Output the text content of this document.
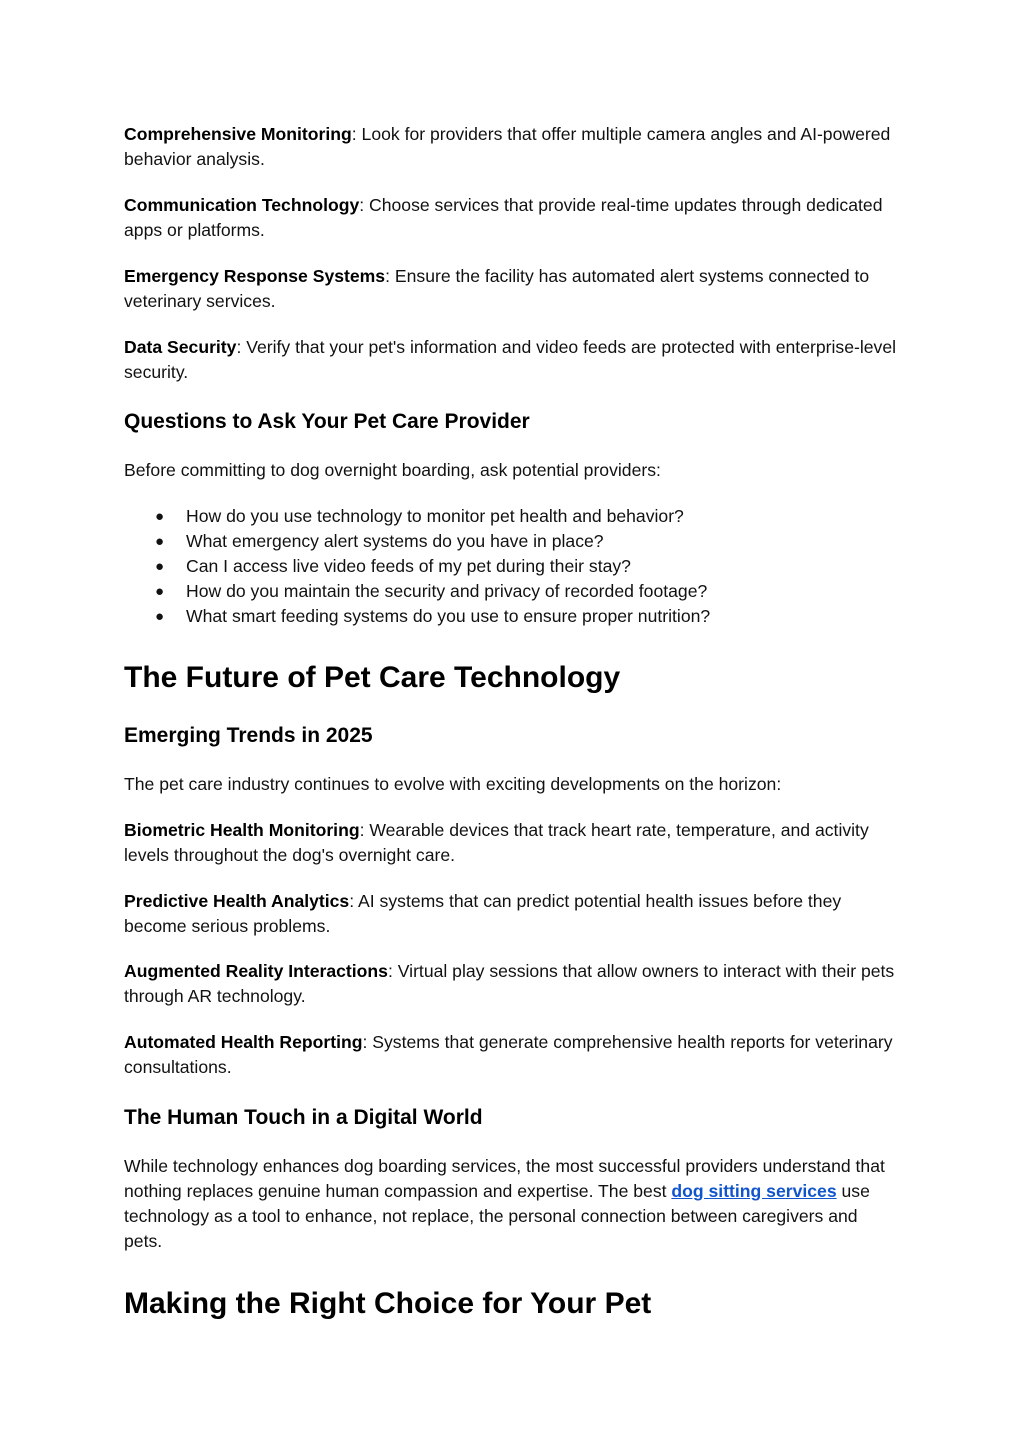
Comprehensive Monitoring: Look for providers that offer multiple camera angles and AI-powered behavior analysis.

Communication Technology: Choose services that provide real-time updates through dedicated apps or platforms.

Emergency Response Systems: Ensure the facility has automated alert systems connected to veterinary services.

Data Security: Verify that your pet's information and video feeds are protected with enterprise-level security.

Questions to Ask Your Pet Care Provider

Before committing to dog overnight boarding, ask potential providers:

● How do you use technology to monitor pet health and behavior?
● What emergency alert systems do you have in place?
● Can I access live video feeds of my pet during their stay?
● How do you maintain the security and privacy of recorded footage?
● What smart feeding systems do you use to ensure proper nutrition?
The Future of Pet Care Technology
Emerging Trends in 2025

The pet care industry continues to evolve with exciting developments on the horizon:

Biometric Health Monitoring: Wearable devices that track heart rate, temperature, and activity levels throughout the dog's overnight care.

Predictive Health Analytics: AI systems that can predict potential health issues before they become serious problems.

Augmented Reality Interactions: Virtual play sessions that allow owners to interact with their pets through AR technology.

Automated Health Reporting: Systems that generate comprehensive health reports for veterinary consultations.

The Human Touch in a Digital World

While technology enhances dog boarding services, the most successful providers understand that nothing replaces genuine human compassion and expertise. The best dog sitting services use technology as a tool to enhance, not replace, the personal connection between caregivers and pets.

Making the Right Choice for Your Pet
